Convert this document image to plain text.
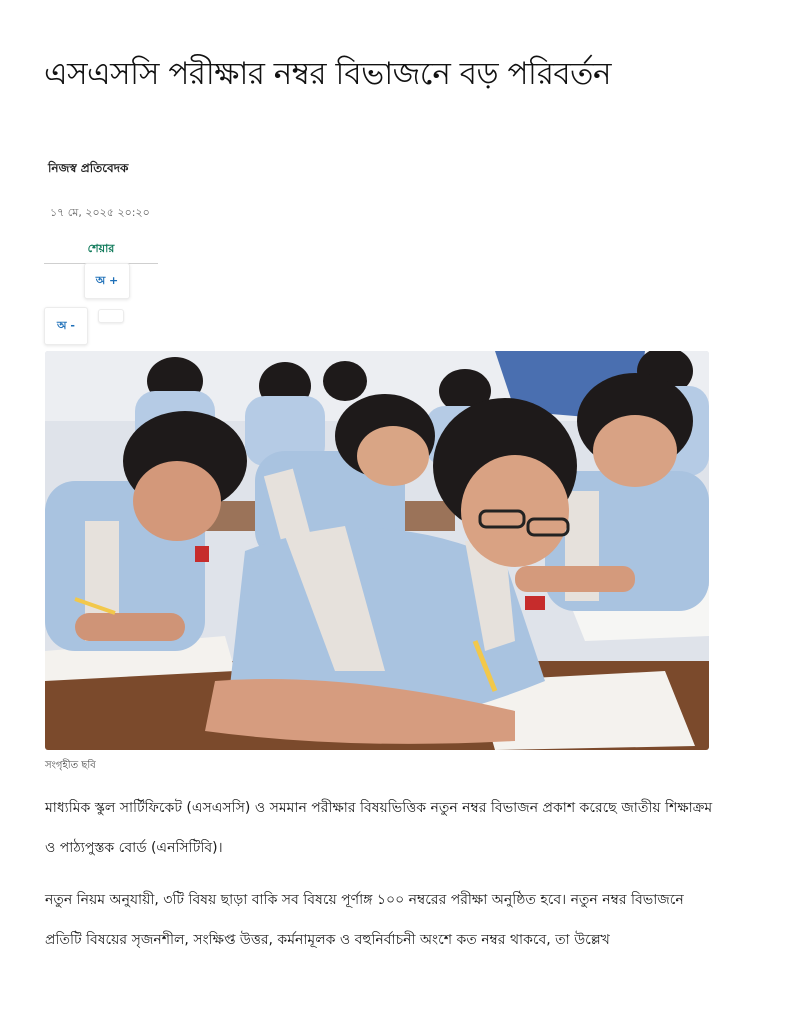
এসএসসি পরীক্ষার নম্বর বিভাজনে বড় পরিবর্তন
নিজস্ব প্রতিবেদক
১৭ মে, ২০২৫ ২০:২০
শেয়ার
অ +
অ -
সংগৃহীত ছবি

মাধ্যমিক স্কুল সার্টিফিকেট (এসএসসি) ও সমমান পরীক্ষার বিষয়ভিত্তিক নতুন নম্বর বিভাজন প্রকাশ করেছে জাতীয় শিক্ষাক্রম ও পাঠ্যপুস্তক বোর্ড (এনসিটিবি)।

নতুন নিয়ম অনুযায়ী, ৩টি বিষয় ছাড়া বাকি সব বিষয়ে পূর্ণাঙ্গ ১০০ নম্বরের পরীক্ষা অনুষ্ঠিত হবে। নতুন নম্বর বিভাজনে প্রতিটি বিষয়ের সৃজনশীল, সংক্ষিপ্ত উত্তর, কর্মনামূলক ও বহুনির্বাচনী অংশে কত নম্বর থাকবে, তা উল্লেখ
